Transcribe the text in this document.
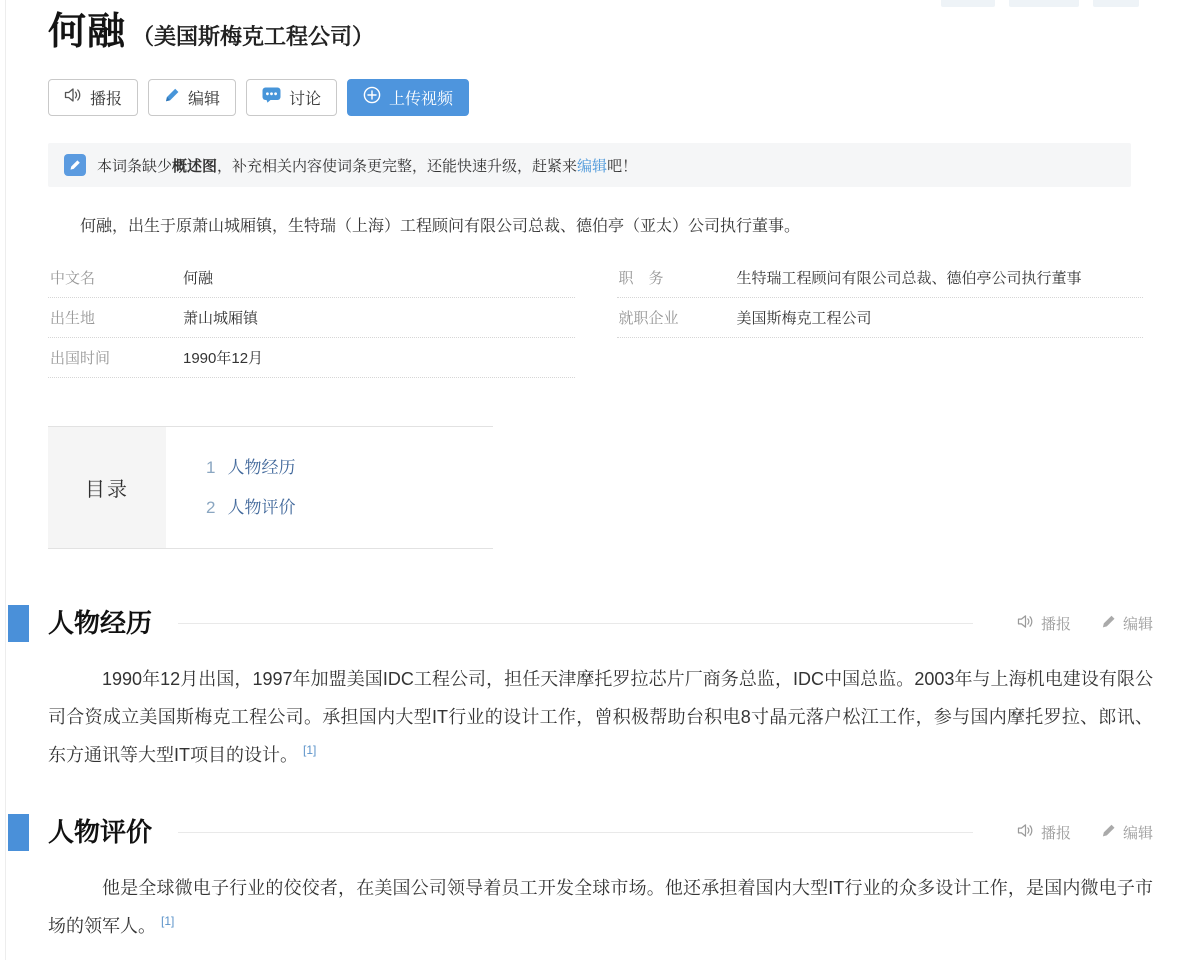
何融 （美国斯梅克工程公司）
播报	编辑	讨论	上传视频
本词条缺少概述图，补充相关内容使词条更完整，还能快速升级，赶紧来编辑吧！

何融，出生于原萧山城厢镇，生特瑞（上海）工程顾问有限公司总裁、德伯亭（亚太）公司执行董事。

中文名	何融
出生地	萧山城厢镇
出国时间	1990年12月
职　务	生特瑞工程顾问有限公司总裁、德伯亭公司执行董事
就职企业	美国斯梅克工程公司
目录
1 人物经历
2 人物评价
人物经历	播报	编辑

1990年12月出国，1997年加盟美国IDC工程公司，担任天津摩托罗拉芯片厂商务总监，IDC中国总监。2003年与上海机电建设有限公司合资成立美国斯梅克工程公司。承担国内大型IT行业的设计工作，曾积极帮助台积电8寸晶元落户松江工作，参与国内摩托罗拉、郎讯、东方通讯等大型IT项目的设计。 [1]

人物评价	播报	编辑

他是全球微电子行业的佼佼者，在美国公司领导着员工开发全球市场。他还承担着国内大型IT行业的众多设计工作，是国内微电子市场的领军人。 [1]
